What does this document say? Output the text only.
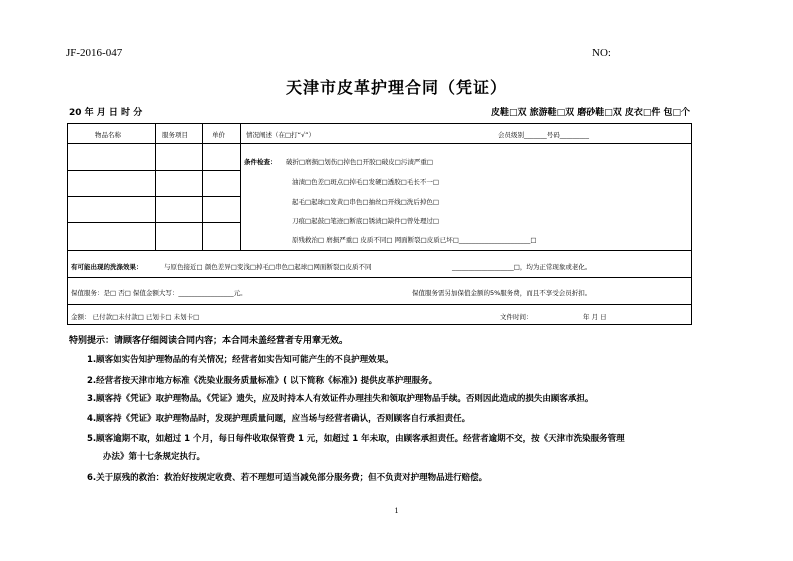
JF-2016-047	NO:
天津市皮革护理合同（凭证）
20 年 月 日 时 分	皮鞋□双 旅游鞋□双 磨砂鞋□双 皮衣□件 包□个
物品名称	服务项目	单价	情况阐述（在□打“√”）	会员级别_______号码_________
条件检查： 破折□磨损□划伤□掉色□开胶□破皮□污渍严重□
油渍□色差□斑点□掉毛□发硬□透胶□毛长不一□
起毛□起球□发黄□串色□抽丝□开线□洗后掉色□
刀痕□起鼓□笔迹□断底□锈渍□缺件□曾处理过□
原残救治□ 磨损严重□ 皮质不同□ 网面断裂□皮质已坏□______________________□
有可能出现的洗涤效果：	与原色接近□ 颜色差异□变浅□掉毛□串色□起球□网面断裂□皮质不同	___________________□，均为正常现象或老化。
保值服务：是□ 否□ 保值金额大写：_________________元。	保值服务需另加保值金额的5%服务费，而且不享受会员折扣。
金额： 已付款□未付款□ 已划卡□ 未划卡□	文件时间：	年 月 日
特别提示：请顾客仔细阅读合同内容；本合同未盖经营者专用章无效。
1.顾客如实告知护理物品的有关情况；经营者如实告知可能产生的不良护理效果。
2.经营者按天津市地方标准《洗染业服务质量标准》( 以下简称《标准》) 提供皮革护理服务。
3.顾客持《凭证》取护理物品。《凭证》遗失，应及时持本人有效证件办理挂失和领取护理物品手续。否则因此造成的损失由顾客承担。
4.顾客持《凭证》取护理物品时，发现护理质量问题，应当场与经营者确认，否则顾客自行承担责任。
5.顾客逾期不取，如超过 1 个月，每日每件收取保管费 1 元，如超过 1 年未取，由顾客承担责任。经营者逾期不交，按《天津市洗染服务管理
办法》第十七条规定执行。
6.关于原残的救治：救治好按规定收费、若不理想可适当减免部分服务费；但不负责对护理物品进行赔偿。
1
